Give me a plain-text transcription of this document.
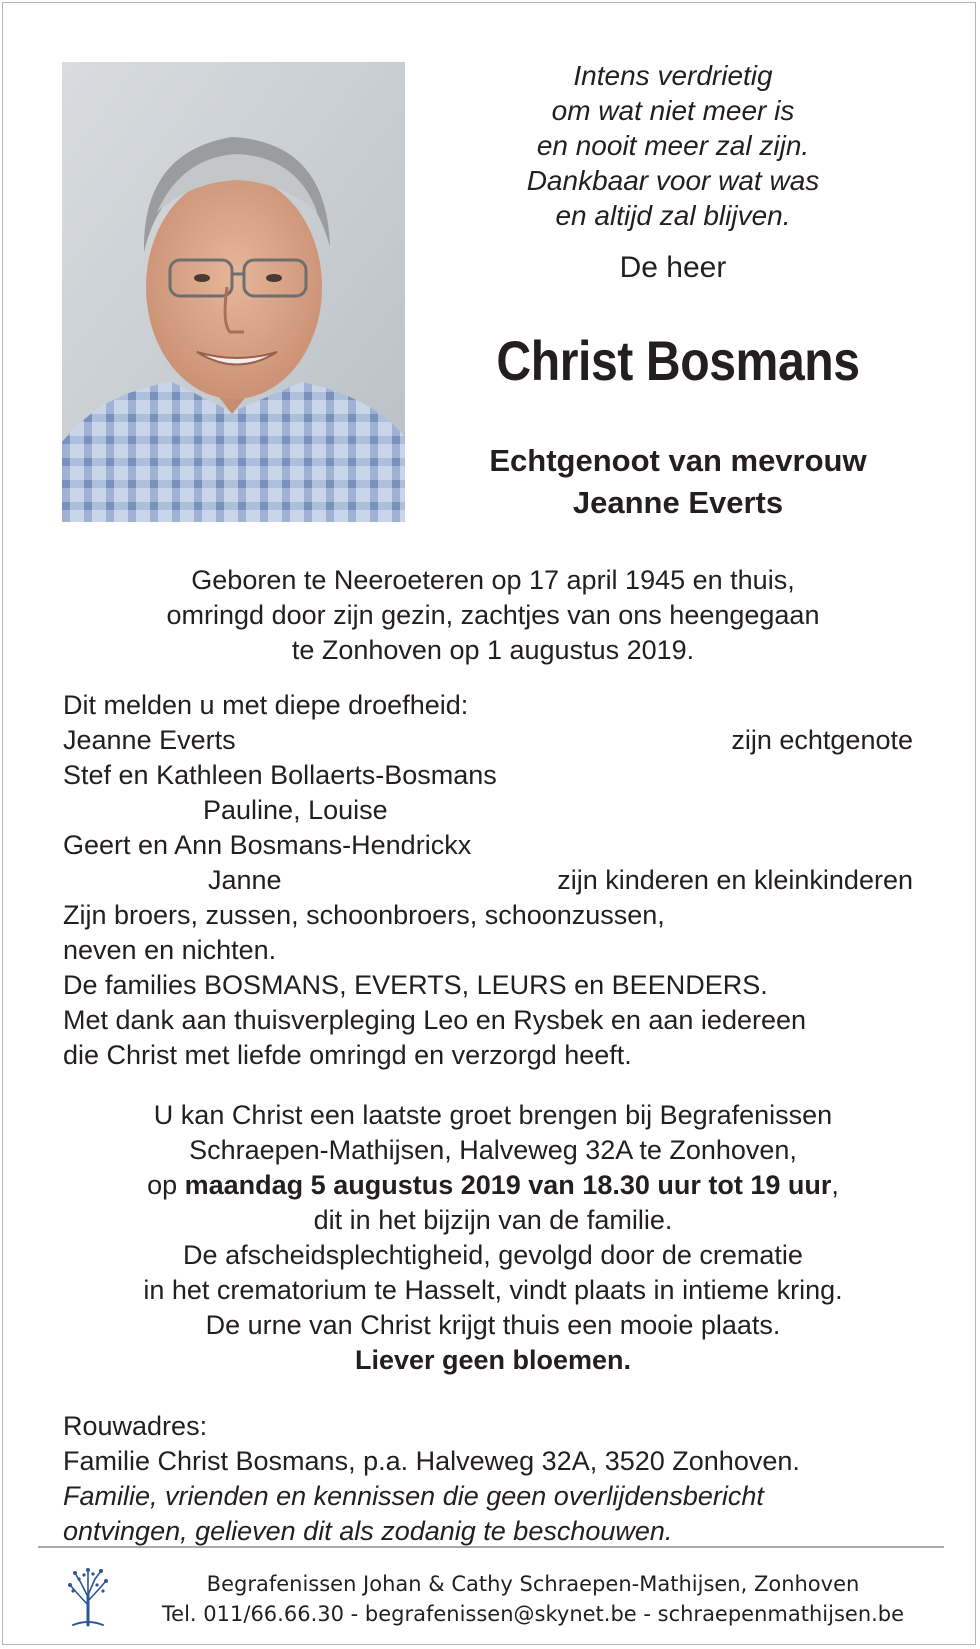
Intens verdrietig
om wat niet meer is
en nooit meer zal zijn.
Dankbaar voor wat was
en altijd zal blijven.
De heer
Christ Bosmans
Echtgenoot van mevrouw
Jeanne Everts
Geboren te Neeroeteren op 17 april 1945 en thuis,
omringd door zijn gezin, zachtjes van ons heengegaan
te Zonhoven op 1 augustus 2019.
Dit melden u met diepe droefheid:
Jeanne Everts	zijn echtgenote
Stef en Kathleen Bollaerts-Bosmans
Pauline, Louise
Geert en Ann Bosmans-Hendrickx
Janne	zijn kinderen en kleinkinderen
Zijn broers, zussen, schoonbroers, schoonzussen,
neven en nichten.
De families BOSMANS, EVERTS, LEURS en BEENDERS.
Met dank aan thuisverpleging Leo en Rysbek en aan iedereen
die Christ met liefde omringd en verzorgd heeft.
U kan Christ een laatste groet brengen bij Begrafenissen
Schraepen-Mathijsen, Halveweg 32A te Zonhoven,
op maandag 5 augustus 2019 van 18.30 uur tot 19 uur,
dit in het bijzijn van de familie.
De afscheidsplechtigheid, gevolgd door de crematie
in het crematorium te Hasselt, vindt plaats in intieme kring.
De urne van Christ krijgt thuis een mooie plaats.
Liever geen bloemen.
Rouwadres:
Familie Christ Bosmans, p.a. Halveweg 32A, 3520 Zonhoven.
Familie, vrienden en kennissen die geen overlijdensbericht
ontvingen, gelieven dit als zodanig te beschouwen.
Begrafenissen Johan & Cathy Schraepen-Mathijsen, Zonhoven
Tel. 011/66.66.30 - begrafenissen@skynet.be - schraepenmathijsen.be
